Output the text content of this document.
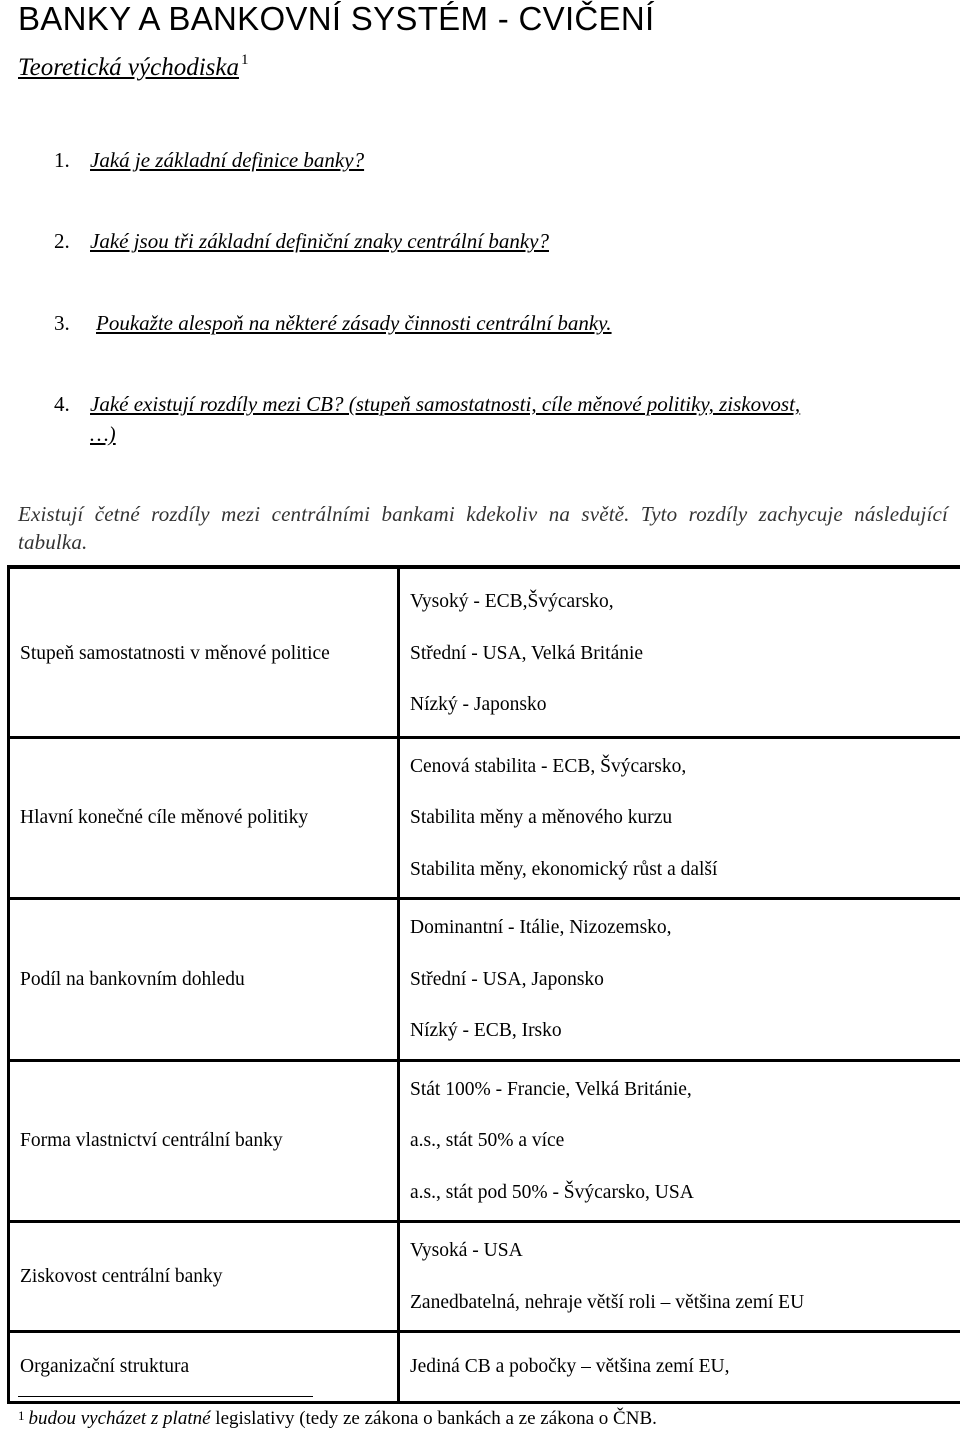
BANKY A BANKOVNÍ SYSTÉM - CVIČENÍ
Teoretická východiska $^1$
1. Jaká je základní definice banky?
2. Jaké jsou tři základní definiční znaky centrální banky?
3. Poukažte alespoň na některé zásady činnosti centrální banky.
4. Jaké existují rozdíly mezi CB? (stupeň samostatnosti, cíle měnové politiky, ziskovost,
…)
Existují četné rozdíly mezi centrálními bankami kdekoliv na světě. Tyto rozdíly zachycuje následující tabulka.
Stupeň samostatnosti v měnové politice	Vysoký - ECB,Švýcarsko,
Střední - USA, Velká Británie
Nízký - Japonsko

Hlavní konečné cíle měnové politiky	Cenová stabilita - ECB, Švýcarsko,
Stabilita měny a měnového kurzu
Stabilita měny, ekonomický růst a další

Podíl na bankovním dohledu	Dominantní - Itálie, Nizozemsko,
Střední - USA, Japonsko
Nízký - ECB, Irsko

Forma vlastnictví centrální banky	Stát 100% - Francie, Velká Británie,
a.s., stát 50% a více
a.s., stát pod 50% - Švýcarsko, USA

Ziskovost centrální banky	Vysoká - USA
Zanedbatelná, nehraje větší roli – většina zemí EU

Organizační struktura	Jediná CB a pobočky – většina zemí EU,
$^1$ budou vycházet z platné legislativy (tedy ze zákona o bankách a ze zákona o ČNB.
